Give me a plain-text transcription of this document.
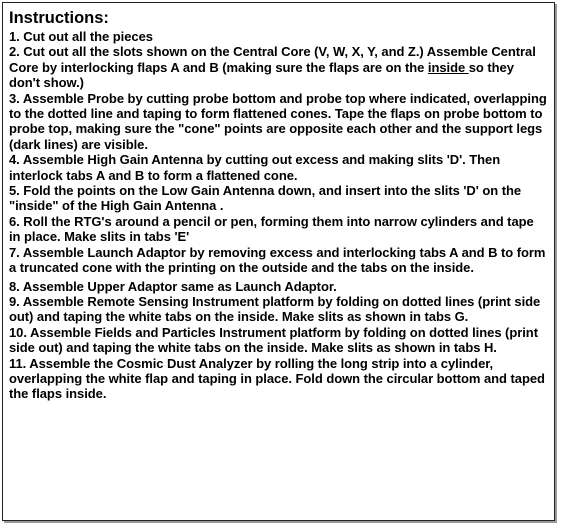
Instructions:
1. Cut out all the pieces
2. Cut out all the slots shown on the Central Core (V, W, X, Y, and Z.) Assemble Central Core by interlocking flaps A and B (making sure the flaps are on the inside so they don't show.)
3. Assemble Probe by cutting probe bottom and probe top where indicated, overlapping to the dotted line and taping to form flattened cones. Tape the flaps on probe bottom to probe top, making sure the "cone" points are opposite each other and the support legs (dark lines) are visible.
4. Assemble High Gain Antenna by cutting out excess and making slits 'D'. Then interlock tabs A and B to form a flattened cone.
5. Fold the points on the Low Gain Antenna down, and insert into the slits 'D' on the "inside" of the High Gain Antenna .
6. Roll the RTG's around a pencil or pen, forming them into narrow cylinders and tape in place. Make slits in tabs 'E'
7. Assemble Launch Adaptor by removing excess and interlocking tabs A and B to form a truncated cone with the printing on the outside and the tabs on the inside.
8. Assemble Upper Adaptor same as Launch Adaptor.
9. Assemble Remote Sensing Instrument platform by folding on dotted lines (print side out) and taping the white tabs on the inside. Make slits as shown in tabs G.
10. Assemble Fields and Particles Instrument platform by folding on dotted lines (print side out) and taping the white tabs on the inside. Make slits as shown in tabs H.
11. Assemble the Cosmic Dust Analyzer by rolling the long strip into a cylinder, overlapping the white flap and taping in place. Fold down the circular bottom and taped the flaps inside.
